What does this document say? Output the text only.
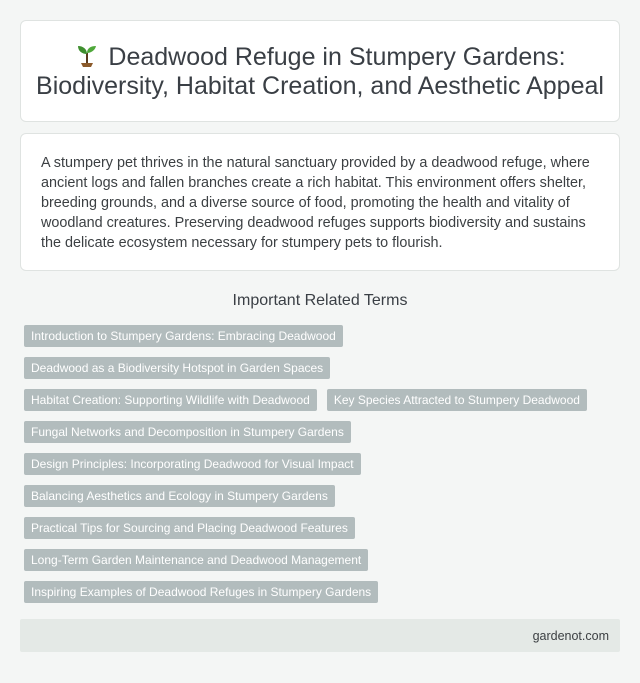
Deadwood Refuge in Stumpery Gardens: Biodiversity, Habitat Creation, and Aesthetic Appeal

A stumpery pet thrives in the natural sanctuary provided by a deadwood refuge, where ancient logs and fallen branches create a rich habitat. This environment offers shelter, breeding grounds, and a diverse source of food, promoting the health and vitality of woodland creatures. Preserving deadwood refuges supports biodiversity and sustains the delicate ecosystem necessary for stumpery pets to flourish.

Important Related Terms
Introduction to Stumpery Gardens: Embracing Deadwood
Deadwood as a Biodiversity Hotspot in Garden Spaces
Habitat Creation: Supporting Wildlife with Deadwood	Key Species Attracted to Stumpery Deadwood
Fungal Networks and Decomposition in Stumpery Gardens
Design Principles: Incorporating Deadwood for Visual Impact
Balancing Aesthetics and Ecology in Stumpery Gardens
Practical Tips for Sourcing and Placing Deadwood Features
Long-Term Garden Maintenance and Deadwood Management
Inspiring Examples of Deadwood Refuges in Stumpery Gardens
gardenot.com
